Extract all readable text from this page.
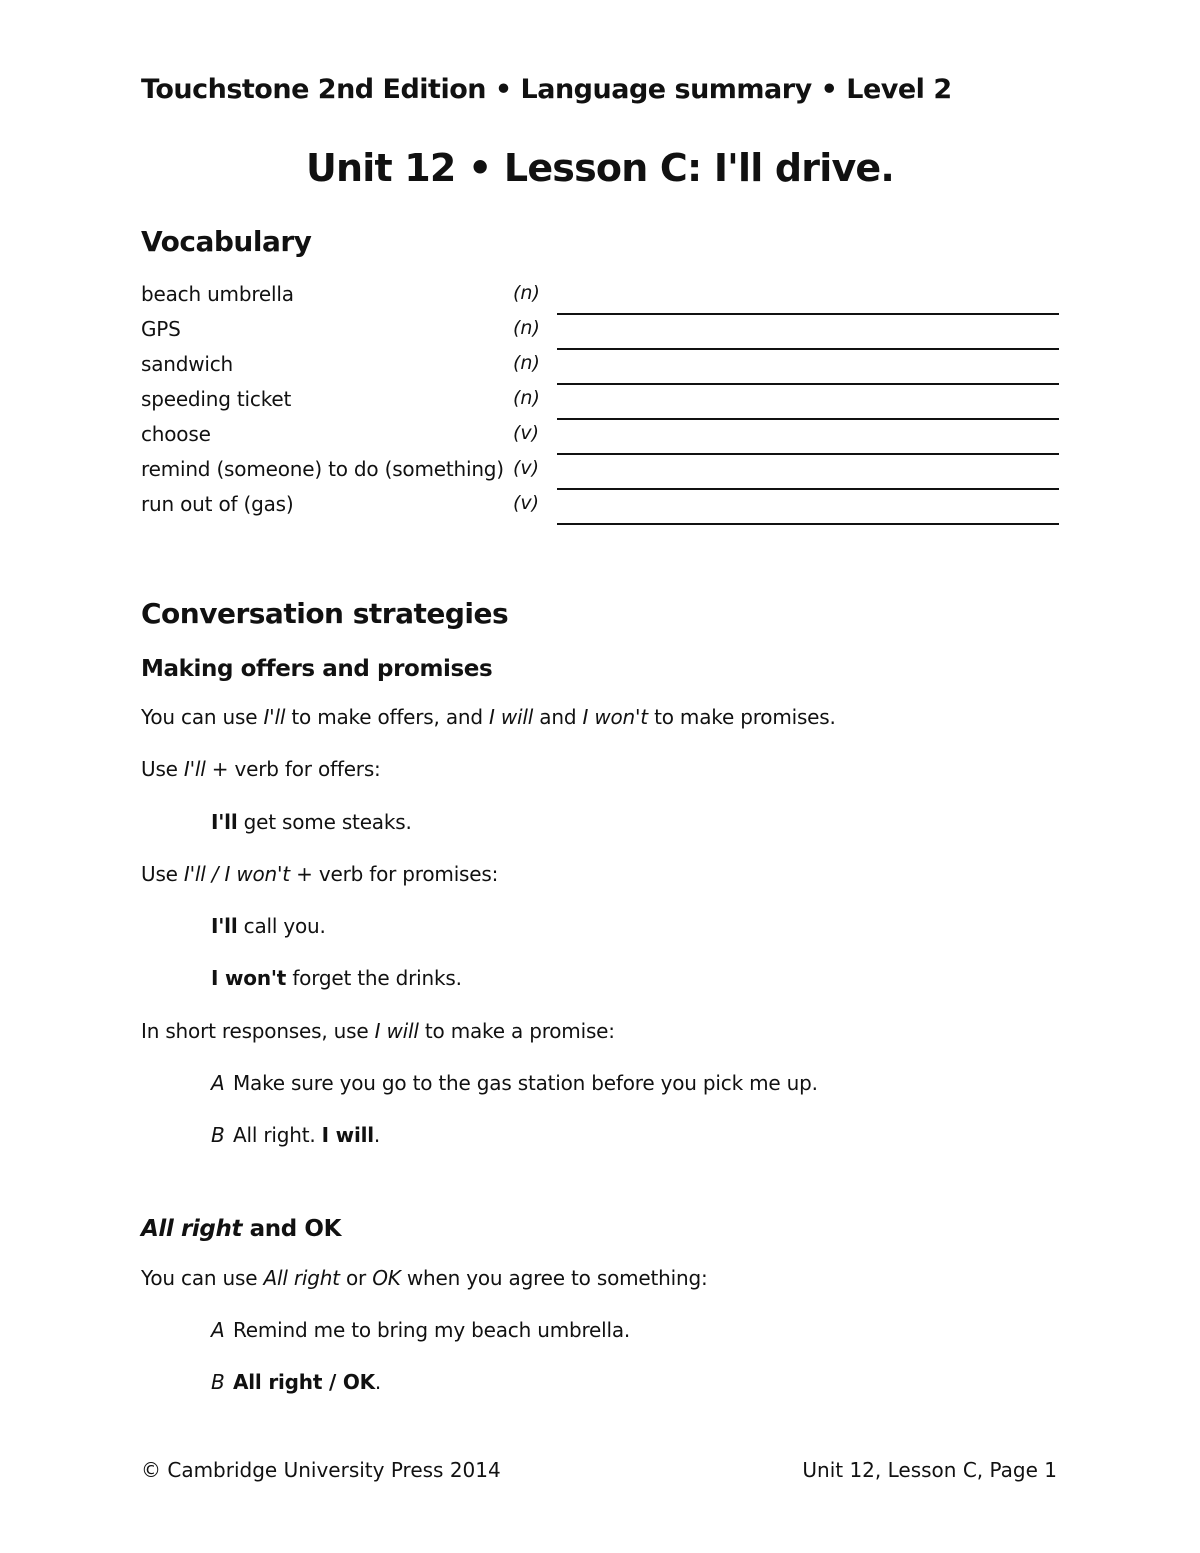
Touchstone 2nd Edition • Language summary • Level 2
Unit 12 • Lesson C: I'll drive.
Vocabulary
beach umbrella	(n)
GPS	(n)
sandwich	(n)
speeding ticket	(n)
choose	(v)
remind (someone) to do (something) (v)
run out of (gas)	(v)
Conversation strategies
Making offers and promises
You can use I'll to make offers, and I will and I won't to make promises.
Use I'll + verb for offers:
I'll get some steaks.
Use I'll / I won't + verb for promises:
I'll call you.
I won't forget the drinks.
In short responses, use I will to make a promise:
A Make sure you go to the gas station before you pick me up.
B All right. I will.
All right and OK
You can use All right or OK when you agree to something:
A Remind me to bring my beach umbrella.
B All right / OK.
© Cambridge University Press 2014	Unit 12, Lesson C, Page 1
